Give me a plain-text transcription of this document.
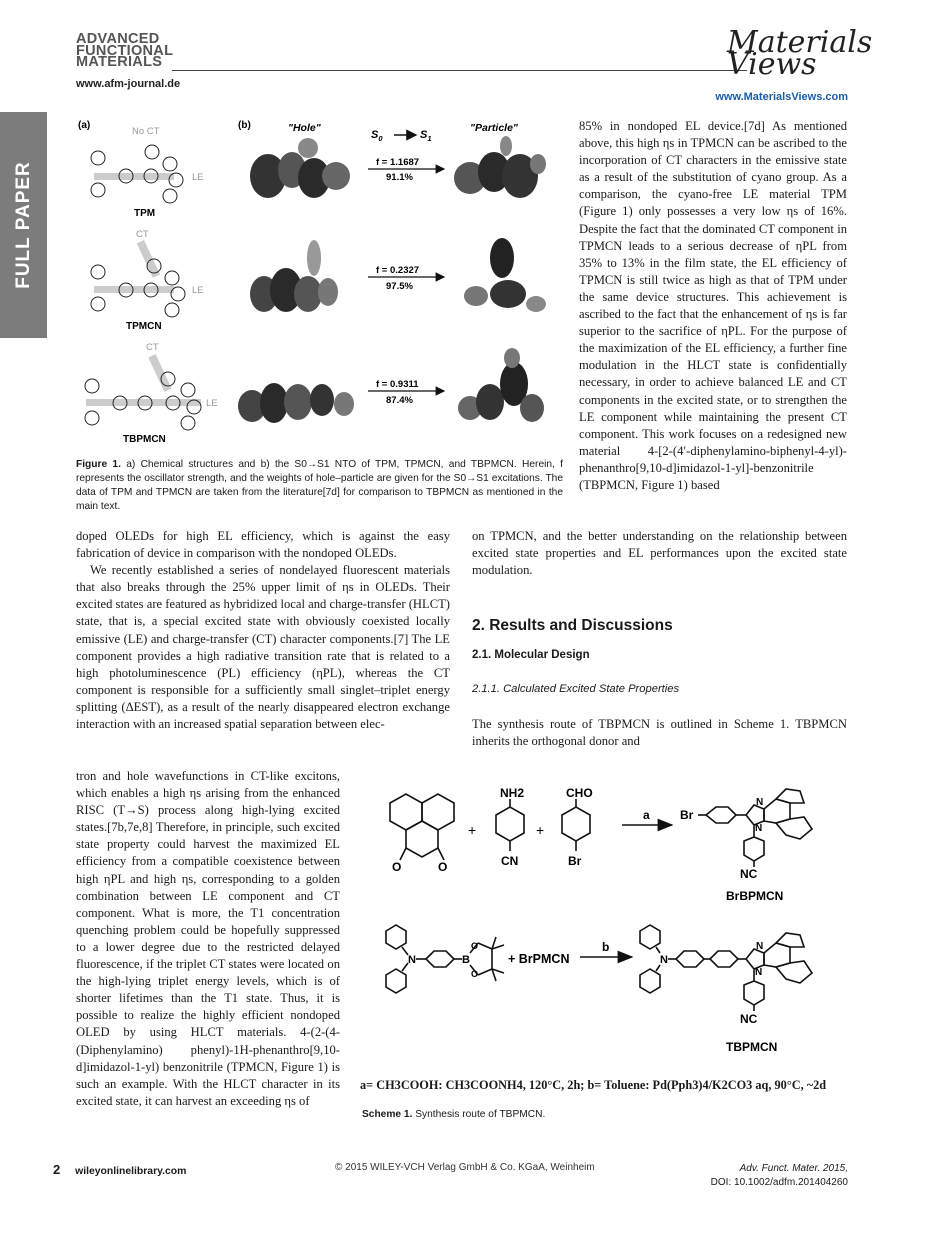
ADVANCED
FUNCTIONAL
MATERIALS
www.afm-journal.de
Materials Views
www.MaterialsViews.com
FULL PAPER
(a)	(b)	"Hole"	"Particle"
$S_0$	$S_1$
No CT
LE
TPM
CT
LE
TPMCN
CT
LE
TBPMCN
f = 1.1687
91.1%
f = 0.2327
97.5%
f = 0.9311
87.4%
Figure 1. a) Chemical structures and b) the S0→S1 NTO of TPM, TPMCN, and TBPMCN. Herein, f represents the oscillator strength, and the weights of hole–particle are given for the S0→S1 excitations. The data of TPM and TPMCN are taken from the literature[7d] for comparison to TBPMCN as mentioned in the main text.

85% in nondoped EL device.[7d] As mentioned above, this high ηs in TPMCN can be ascribed to the incorporation of CT characters in the emissive state as a result of the substitution of cyano group. As a comparison, the cyano-free LE material TPM (Figure 1) only possesses a very low ηs of 16%. Despite the fact that the dominated CT component in TPMCN leads to a serious decrease of ηPL from 35% to 13% in the film state, the EL efficiency of TPMCN is still twice as high as that of TPM under the same device structures. This achievement is ascribed to the fact that the enhancement of ηs is far superior to the sacrifice of ηPL. For the purpose of the maximization of the EL efficiency, a further fine modulation in the HLCT state is confidentially necessary, in order to achieve balanced LE and CT components in the excited state, or to strengthen the LE component while maintaining the present CT component. This work focuses on a redesigned new material 4-[2-(4′-diphenylamino-biphenyl-4-yl)-phenanthro[9,10-d]imidazol-1-yl]-benzonitrile (TBPMCN, Figure 1) based

doped OLEDs for high EL efficiency, which is against the easy fabrication of device in comparison with the nondoped OLEDs.

We recently established a series of nondelayed fluorescent materials that also breaks through the 25% upper limit of ηs in OLEDs. Their excited states are featured as hybridized local and charge-transfer (HLCT) state, that is, a special excited state with obviously coexisted locally emissive (LE) and charge-transfer (CT) character components.[7] The LE component provides a high radiative transition rate that is related to a high photoluminescence (PL) efficiency (ηPL), whereas the CT component is responsible for a sufficiently small singlet–triplet energy splitting (ΔEST), as a result of the nearly disappeared electron exchange interaction with an increased spatial separation between elec-

tron and hole wavefunctions in CT-like excitons, which enables a high ηs arising from the enhanced RISC (T→S) process along high-lying excited states.[7b,7e,8] Therefore, in principle, such excited state property could harvest the maximized EL efficiency from a compatible coexistence between high ηPL and high ηs, corresponding to a golden combination between LE component and CT component. What is more, the T1 concentration quenching problem could be hopefully suppressed to a lower degree due to the restricted delayed fluorescence, if the triplet CT states were located on the high-lying triplet energy levels, which is of shorter lifetimes than the T1 state. Thus, it is possible to realize the highly efficient nondoped OLED by using HLCT materials. 4-(2-(4-(Diphenylamino) phenyl)-1H-phenanthro[9,10-d]imidazol-1-yl) benzonitrile (TPMCN, Figure 1) is such an example. With the HLCT character in its excited state, it can harvest an exceeding ηs of

on TPMCN, and the better understanding on the relationship between excited state properties and EL performances upon the excited state modulation.

2. Results and Discussions
2.1. Molecular Design
2.1.1. Calculated Excited State Properties

The synthesis route of TBPMCN is outlined in Scheme 1. TBPMCN inherits the orthogonal donor and

O	O
+
NH2
CN
+
CHO
Br
a	Br
N
N
NC
BrBPMCN
N	B
O
O
+ BrPMCN
b
N
N
N
NC
TBPMCN
a= CH3COOH: CH3COONH4, 120°C, 2h; b= Toluene: Pd(Pph3)4/K2CO3 aq, 90°C, ~2d
Scheme 1. Synthesis route of TBPMCN.
2 wileyonlinelibrary.com	© 2015 WILEY-VCH Verlag GmbH & Co. KGaA, Weinheim	Adv. Funct. Mater. 2015,
DOI: 10.1002/adfm.201404260
